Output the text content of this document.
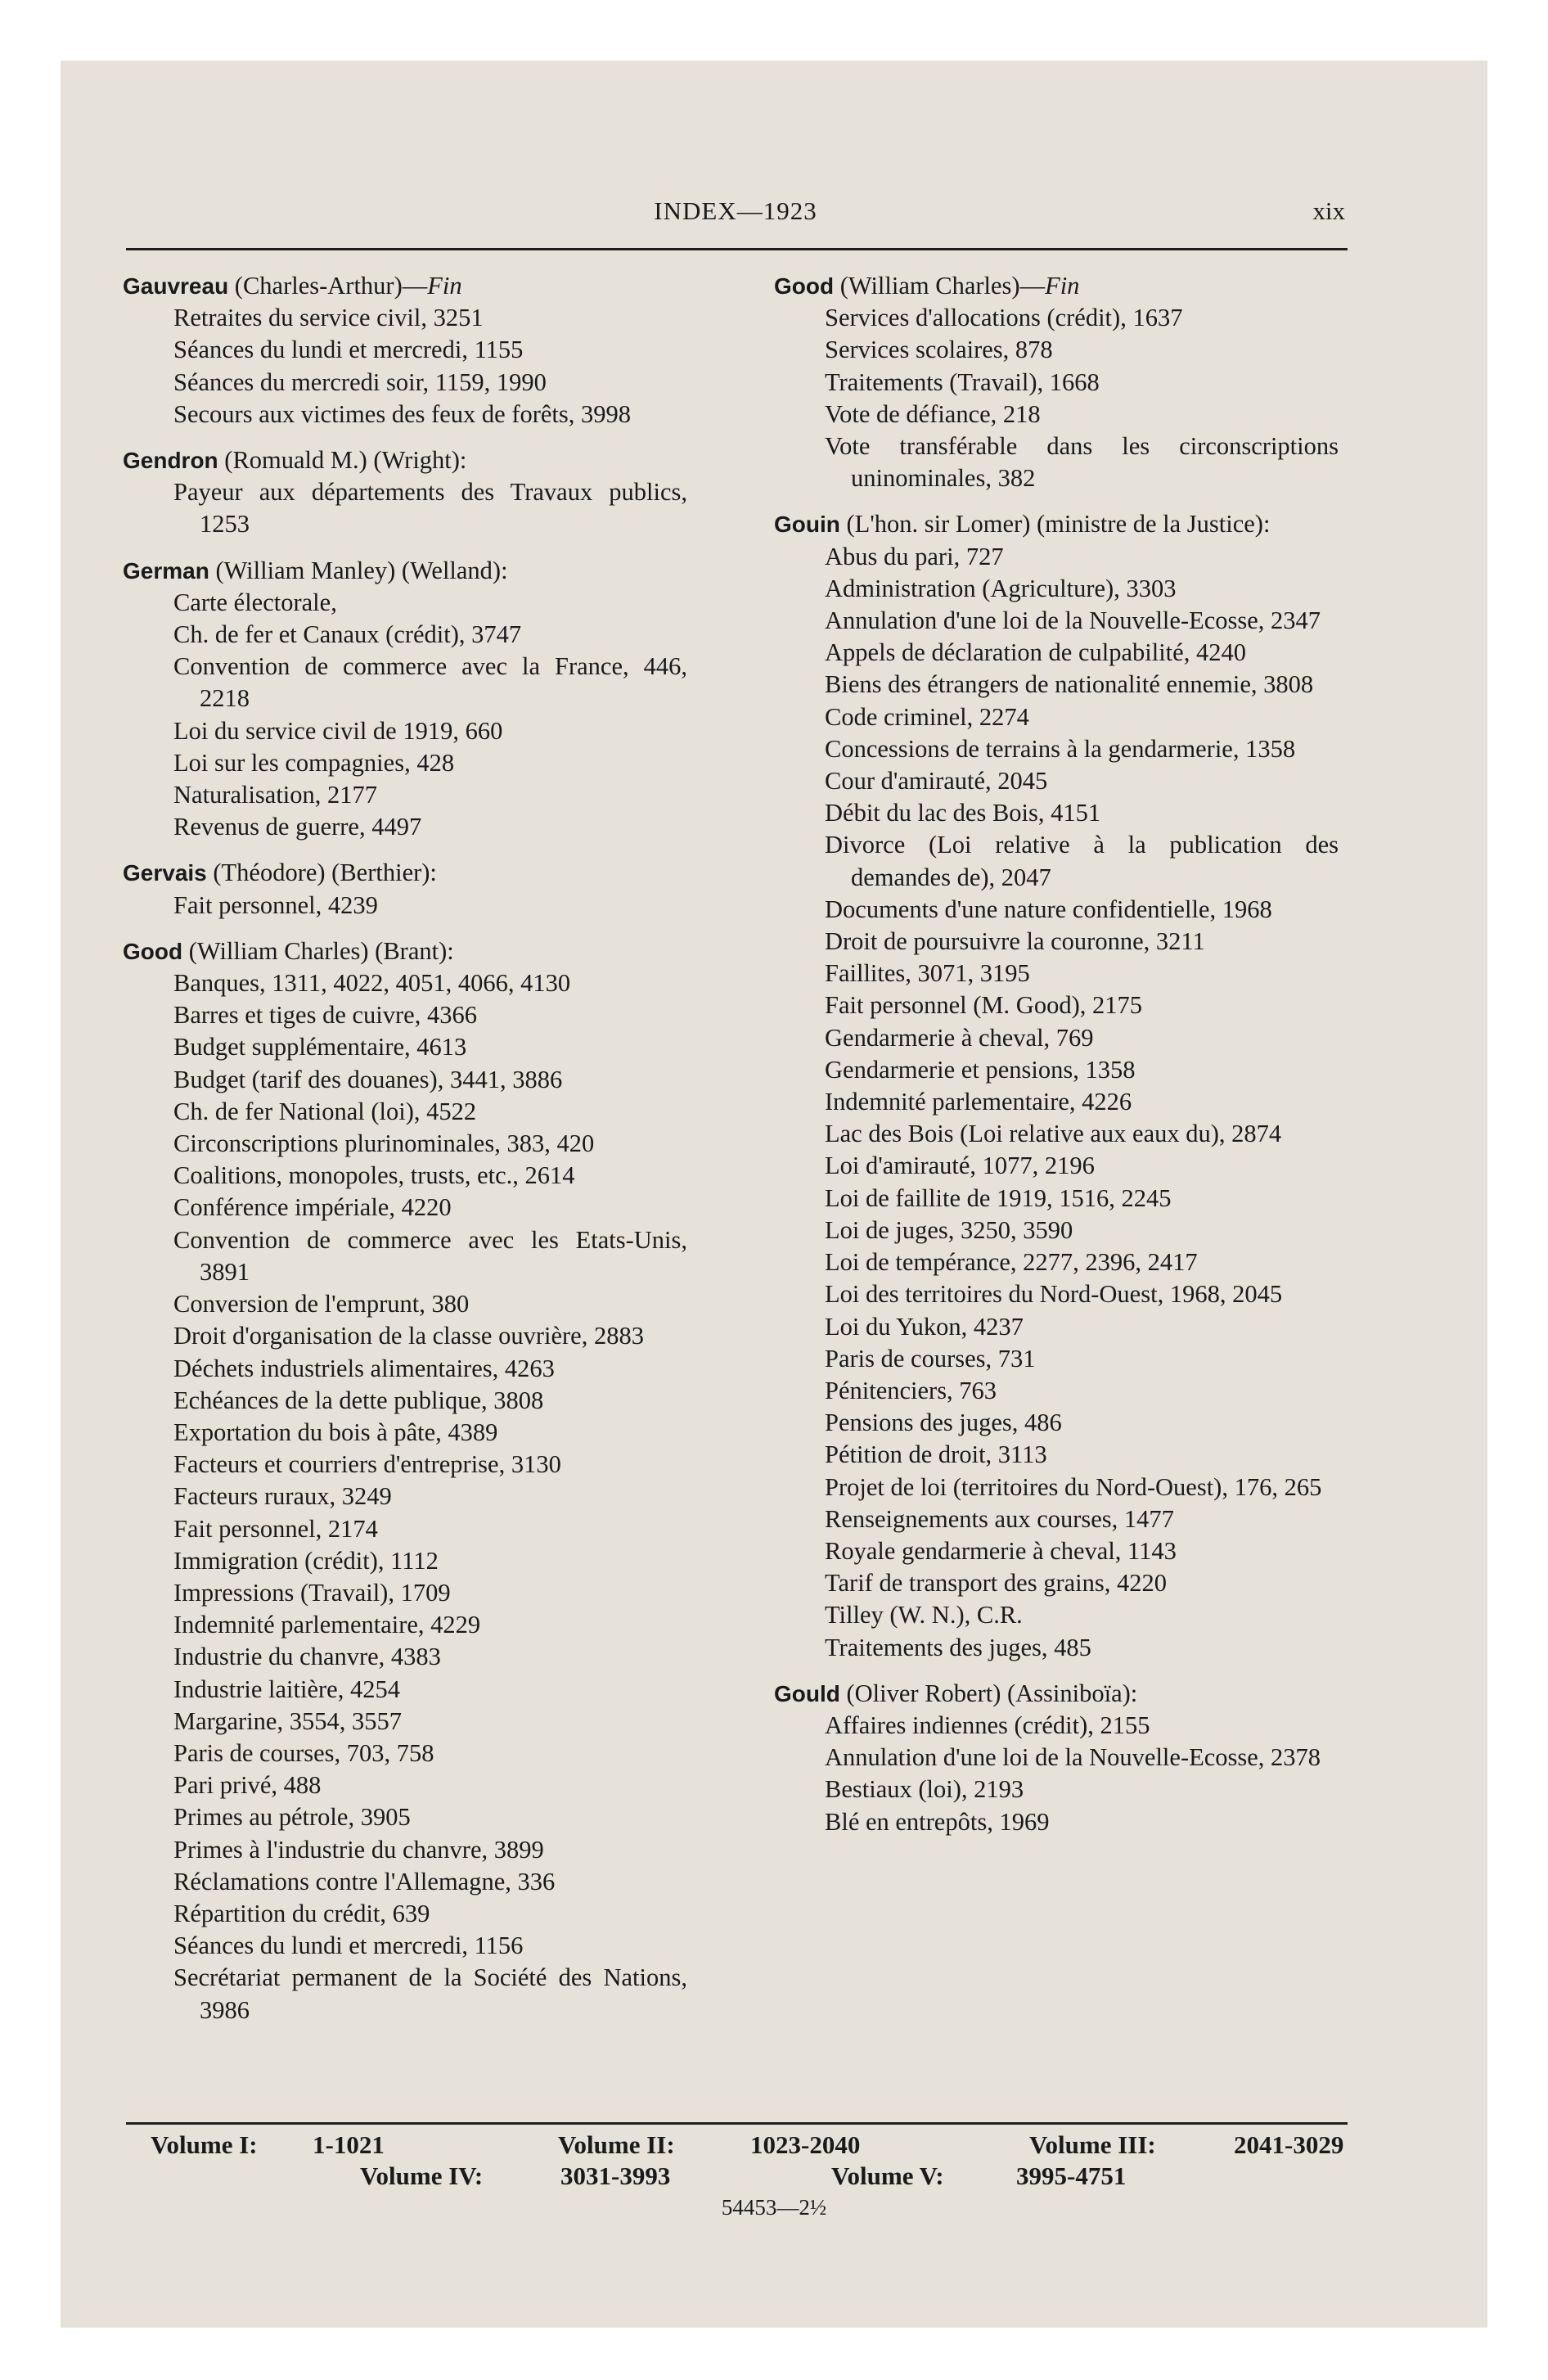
INDEX—1923	xix
Gauvreau (Charles-Arthur)—Fin
Retraites du service civil, 3251
Séances du lundi et mercredi, 1155
Séances du mercredi soir, 1159, 1990
Secours aux victimes des feux de forêts, 3998
Gendron (Romuald M.) (Wright):
Payeur aux départements des Travaux publics, 1253
German (William Manley) (Welland):
Carte électorale,
Ch. de fer et Canaux (crédit), 3747
Convention de commerce avec la France, 446, 2218
Loi du service civil de 1919, 660
Loi sur les compagnies, 428
Naturalisation, 2177
Revenus de guerre, 4497
Gervais (Théodore) (Berthier):
Fait personnel, 4239
Good (William Charles) (Brant):
Banques, 1311, 4022, 4051, 4066, 4130
Barres et tiges de cuivre, 4366
Budget supplémentaire, 4613
Budget (tarif des douanes), 3441, 3886
Ch. de fer National (loi), 4522
Circonscriptions plurinominales, 383, 420
Coalitions, monopoles, trusts, etc., 2614
Conférence impériale, 4220
Convention de commerce avec les Etats-Unis, 3891
Conversion de l'emprunt, 380
Droit d'organisation de la classe ouvrière, 2883
Déchets industriels alimentaires, 4263
Echéances de la dette publique, 3808
Exportation du bois à pâte, 4389
Facteurs et courriers d'entreprise, 3130
Facteurs ruraux, 3249
Fait personnel, 2174
Immigration (crédit), 1112
Impressions (Travail), 1709
Indemnité parlementaire, 4229
Industrie du chanvre, 4383
Industrie laitière, 4254
Margarine, 3554, 3557
Paris de courses, 703, 758
Pari privé, 488
Primes au pétrole, 3905
Primes à l'industrie du chanvre, 3899
Réclamations contre l'Allemagne, 336
Répartition du crédit, 639
Séances du lundi et mercredi, 1156
Secrétariat permanent de la Société des Nations, 3986
Good (William Charles)—Fin
Services d'allocations (crédit), 1637
Services scolaires, 878
Traitements (Travail), 1668
Vote de défiance, 218
Vote transférable dans les circonscriptions uninominales, 382
Gouin (L'hon. sir Lomer) (ministre de la Justice):
Abus du pari, 727
Administration (Agriculture), 3303
Annulation d'une loi de la Nouvelle-Ecosse, 2347
Appels de déclaration de culpabilité, 4240
Biens des étrangers de nationalité ennemie, 3808
Code criminel, 2274
Concessions de terrains à la gendarmerie, 1358
Cour d'amirauté, 2045
Débit du lac des Bois, 4151
Divorce (Loi relative à la publication des demandes de), 2047
Documents d'une nature confidentielle, 1968
Droit de poursuivre la couronne, 3211
Faillites, 3071, 3195
Fait personnel (M. Good), 2175
Gendarmerie à cheval, 769
Gendarmerie et pensions, 1358
Indemnité parlementaire, 4226
Lac des Bois (Loi relative aux eaux du), 2874
Loi d'amirauté, 1077, 2196
Loi de faillite de 1919, 1516, 2245
Loi de juges, 3250, 3590
Loi de tempérance, 2277, 2396, 2417
Loi des territoires du Nord-Ouest, 1968, 2045
Loi du Yukon, 4237
Paris de courses, 731
Pénitenciers, 763
Pensions des juges, 486
Pétition de droit, 3113
Projet de loi (territoires du Nord-Ouest), 176, 265
Renseignements aux courses, 1477
Royale gendarmerie à cheval, 1143
Tarif de transport des grains, 4220
Tilley (W. N.), C.R.
Traitements des juges, 485
Gould (Oliver Robert) (Assiniboïa):
Affaires indiennes (crédit), 2155
Annulation d'une loi de la Nouvelle-Ecosse, 2378
Bestiaux (loi), 2193
Blé en entrepôts, 1969
Volume I: 1-1021	Volume II:	1023-2040	Volume III:	2041-3029
Volume IV:	3031-3993	Volume V:	3995-4751
54453—2½
